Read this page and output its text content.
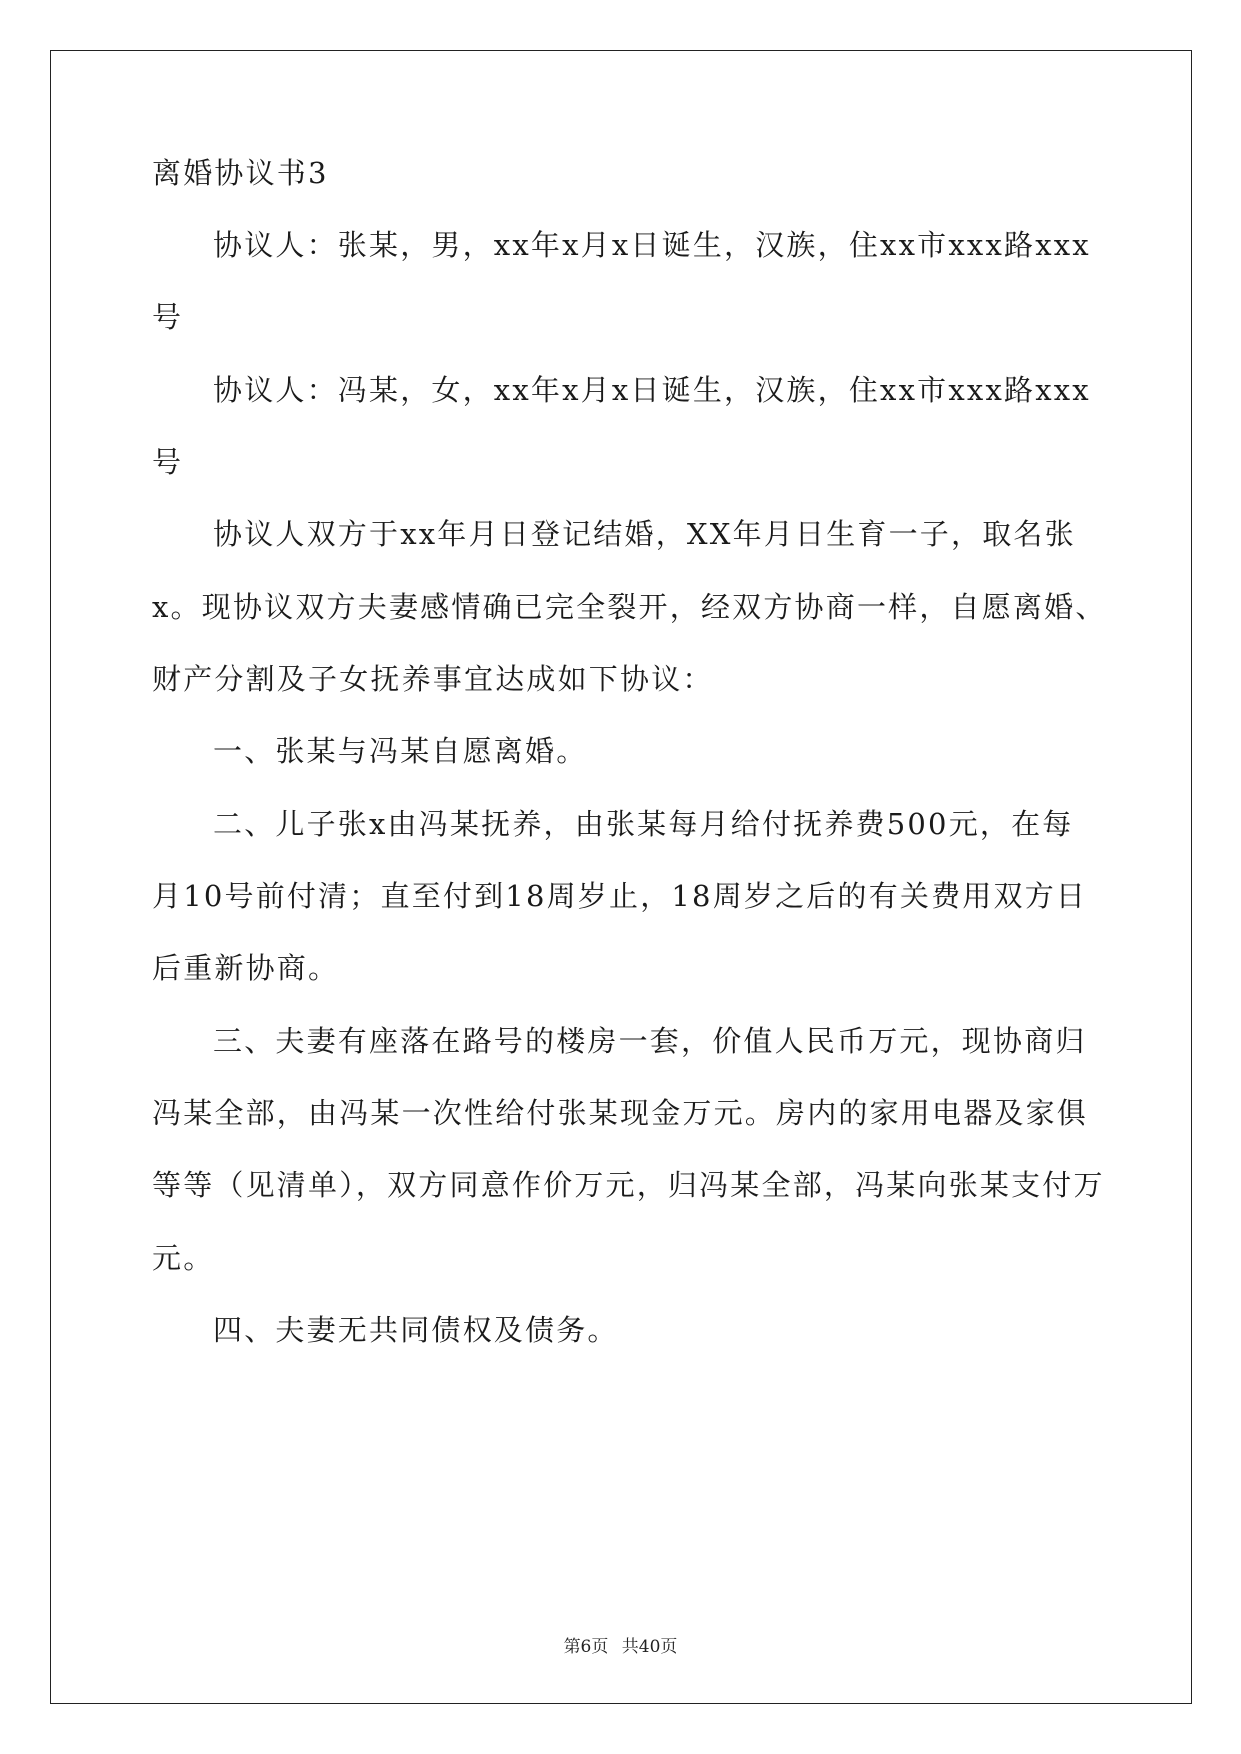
离婚协议书3
协议人：张某，男，xx年x月x日诞生，汉族，住xx市xxx路xxx
号
协议人：冯某，女，xx年x月x日诞生，汉族，住xx市xxx路xxx
号
协议人双方于xx年月日登记结婚，XX年月日生育一子，取名张
x。现协议双方夫妻感情确已完全裂开，经双方协商一样，自愿离婚、
财产分割及子女抚养事宜达成如下协议：
一、张某与冯某自愿离婚。
二、儿子张x由冯某抚养，由张某每月给付抚养费500元，在每
月10号前付清；直至付到18周岁止，18周岁之后的有关费用双方日
后重新协商。
三、夫妻有座落在路号的楼房一套，价值人民币万元，现协商归
冯某全部，由冯某一次性给付张某现金万元。房内的家用电器及家俱
等等（见清单），双方同意作价万元，归冯某全部，冯某向张某支付万
元。
四、夫妻无共同债权及债务。
第6页 共40页
